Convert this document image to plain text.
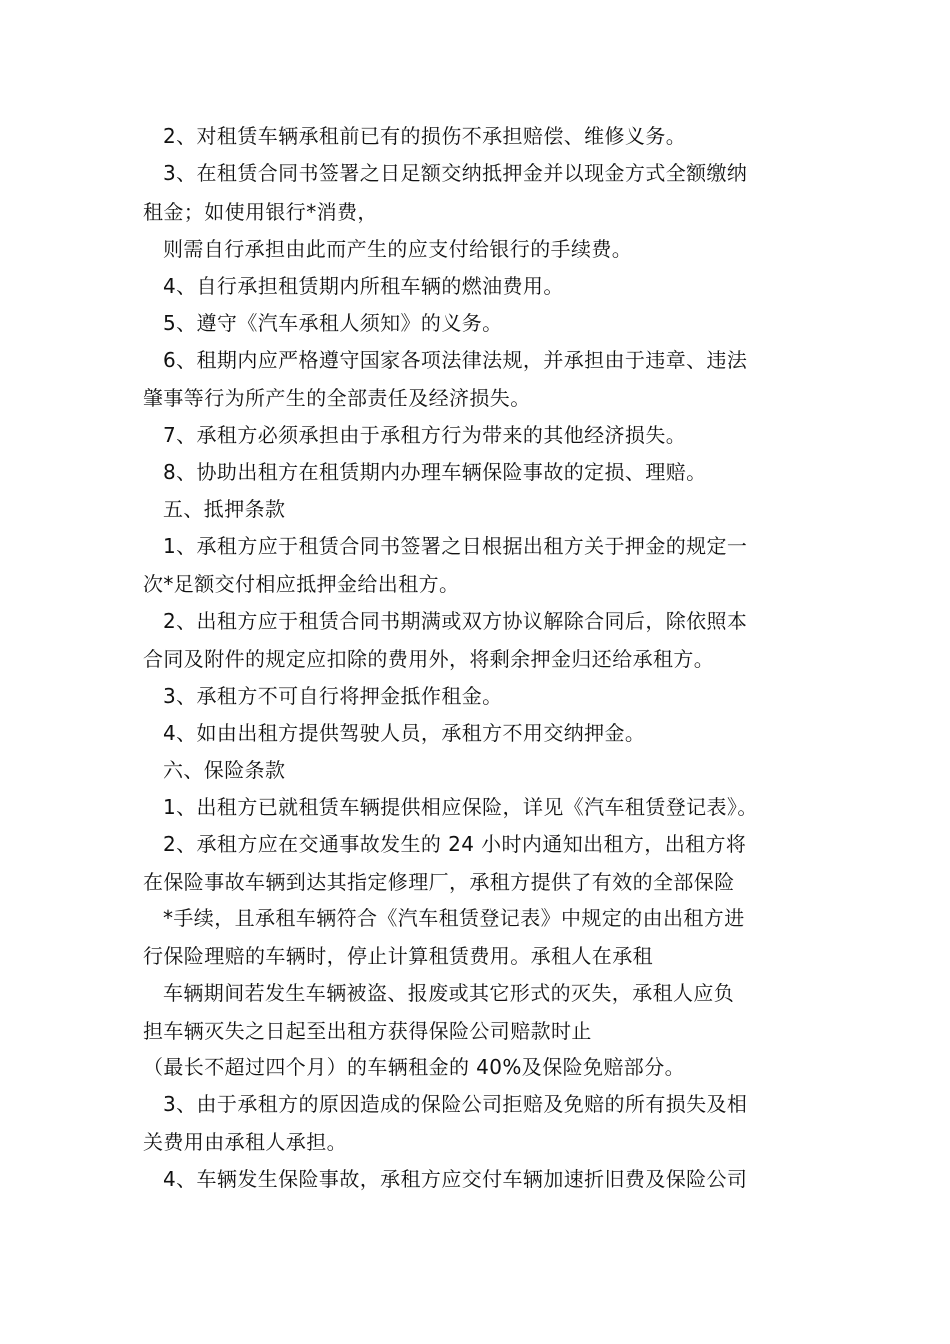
2、对租赁车辆承租前已有的损伤不承担赔偿、维修义务。

3、在租赁合同书签署之日足额交纳抵押金并以现金方式全额缴纳

租金；如使用银行*消费，

则需自行承担由此而产生的应支付给银行的手续费。

4、自行承担租赁期内所租车辆的燃油费用。

5、遵守《汽车承租人须知》的义务。

6、租期内应严格遵守国家各项法律法规，并承担由于违章、违法

肇事等行为所产生的全部责任及经济损失。

7、承租方必须承担由于承租方行为带来的其他经济损失。

8、协助出租方在租赁期内办理车辆保险事故的定损、理赔。

五、抵押条款

1、承租方应于租赁合同书签署之日根据出租方关于押金的规定一

次*足额交付相应抵押金给出租方。

2、出租方应于租赁合同书期满或双方协议解除合同后，除依照本

合同及附件的规定应扣除的费用外，将剩余押金归还给承租方。

3、承租方不可自行将押金抵作租金。

4、如由出租方提供驾驶人员，承租方不用交纳押金。

六、保险条款

1、出租方已就租赁车辆提供相应保险，详见《汽车租赁登记表》。

2、承租方应在交通事故发生的 24 小时内通知出租方，出租方将

在保险事故车辆到达其指定修理厂，承租方提供了有效的全部保险

*手续，且承租车辆符合《汽车租赁登记表》中规定的由出租方进

行保险理赔的车辆时，停止计算租赁费用。承租人在承租

车辆期间若发生车辆被盗、报废或其它形式的灭失，承租人应负

担车辆灭失之日起至出租方获得保险公司赔款时止

（最长不超过四个月）的车辆租金的 40%及保险免赔部分。

3、由于承租方的原因造成的保险公司拒赔及免赔的所有损失及相

关费用由承租人承担。

4、车辆发生保险事故，承租方应交付车辆加速折旧费及保险公司
